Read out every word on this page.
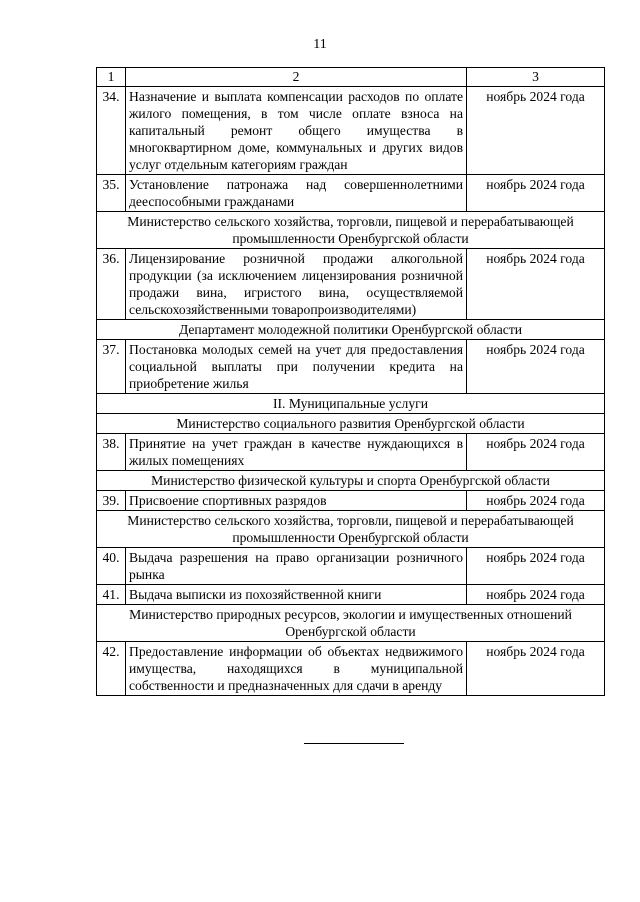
11
1	2	3
34.	Назначение и выплата компенсации расходов по оплате жилого помещения, в том числе оплате взноса на капитальный ремонт общего имущества в многоквартирном доме, коммунальных и других видов услуг отдельным категориям граждан	ноябрь 2024 года
35.	Установление патронажа над совершеннолетними дееспособными гражданами	ноябрь 2024 года
Министерство сельского хозяйства, торговли, пищевой и перерабатывающей промышленности Оренбургской области		
36.	Лицензирование розничной продажи алкогольной продукции (за исключением лицензирования розничной продажи вина, игристого вина, осуществляемой сельскохозяйственными товаропроизводителями)	ноябрь 2024 года
Департамент молодежной политики Оренбургской области		
37.	Постановка молодых семей на учет для предоставления социальной выплаты при получении кредита на приобретение жилья	ноябрь 2024 года
II. Муниципальные услуги		
Министерство социального развития Оренбургской области		
38.	Принятие на учет граждан в качестве нуждающихся в жилых помещениях	ноябрь 2024 года
Министерство физической культуры и спорта Оренбургской области		
39.	Присвоение спортивных разрядов	ноябрь 2024 года
Министерство сельского хозяйства, торговли, пищевой и перерабатывающей промышленности Оренбургской области		
40.	Выдача разрешения на право организации розничного рынка	ноябрь 2024 года
41.	Выдача выписки из похозяйственной книги	ноябрь 2024 года
Министерство природных ресурсов, экологии и имущественных отношений Оренбургской области		
42.	Предоставление информации об объектах недвижимого имущества, находящихся в муниципальной собственности и предназначенных для сдачи в аренду	ноябрь 2024 года
